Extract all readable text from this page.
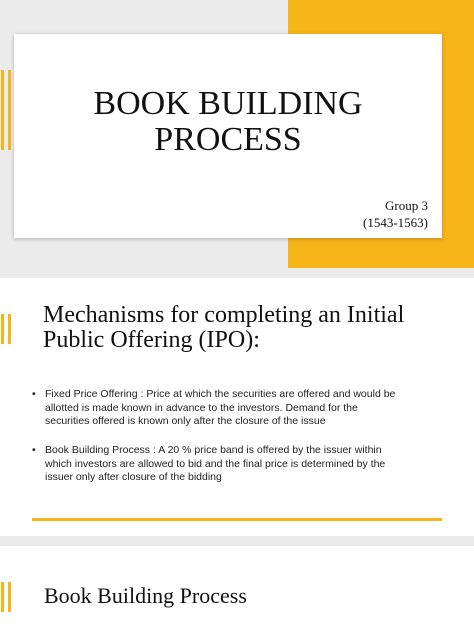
BOOK BUILDING
PROCESS
Group 3
(1543-1563)
Mechanisms for completing an Initial
Public Offering (IPO):
• Fixed Price Offering : Price at which the securities are offered and would be
allotted is made known in advance to the investors. Demand for the
securities offered is known only after the closure of the issue
• Book Building Process : A 20 % price band is offered by the issuer within
which investors are allowed to bid and the final price is determined by the
issuer only after closure of the bidding
Book Building Process
